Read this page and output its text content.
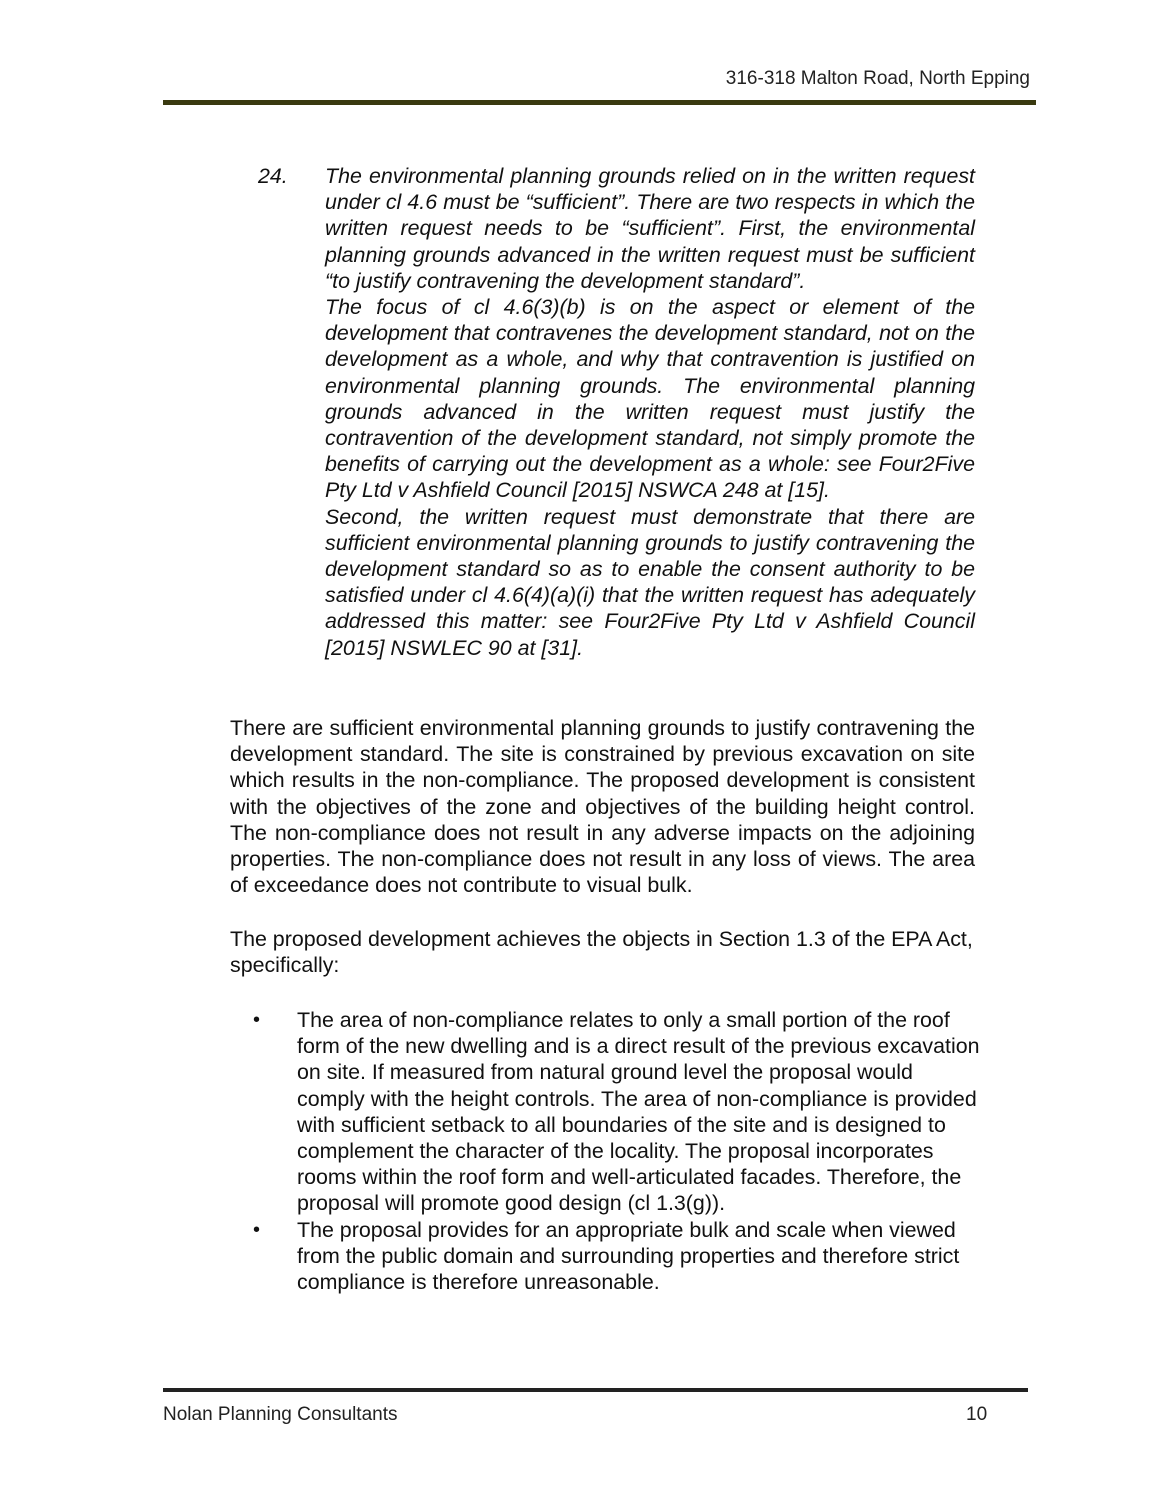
316-318 Malton Road, North Epping
24. The environmental planning grounds relied on in the written request under cl 4.6 must be “sufficient”. There are two respects in which the written request needs to be “sufficient”. First, the environmental planning grounds advanced in the written request must be sufficient “to justify contravening the development standard”.

The focus of cl 4.6(3)(b) is on the aspect or element of the development that contravenes the development standard, not on the development as a whole, and why that contravention is justified on environmental planning grounds. The environmental planning grounds advanced in the written request must justify the contravention of the development standard, not simply promote the benefits of carrying out the development as a whole: see Four2Five Pty Ltd v Ashfield Council [2015] NSWCA 248 at [15].

Second, the written request must demonstrate that there are sufficient environmental planning grounds to justify contravening the development standard so as to enable the consent authority to be satisfied under cl 4.6(4)(a)(i) that the written request has adequately addressed this matter: see Four2Five Pty Ltd v Ashfield Council [2015] NSWLEC 90 at [31].

There are sufficient environmental planning grounds to justify contravening the development standard. The site is constrained by previous excavation on site which results in the non-compliance. The proposed development is consistent with the objectives of the zone and objectives of the building height control. The non-compliance does not result in any adverse impacts on the adjoining properties. The non-compliance does not result in any loss of views. The area of exceedance does not contribute to visual bulk.

The proposed development achieves the objects in Section 1.3 of the EPA Act, specifically:

• The area of non-compliance relates to only a small portion of the roof form of the new dwelling and is a direct result of the previous excavation on site. If measured from natural ground level the proposal would comply with the height controls. The area of non-compliance is provided with sufficient setback to all boundaries of the site and is designed to complement the character of the locality. The proposal incorporates rooms within the roof form and well-articulated facades. Therefore, the proposal will promote good design (cl 1.3(g)).
• The proposal provides for an appropriate bulk and scale when viewed from the public domain and surrounding properties and therefore strict compliance is therefore unreasonable.
Nolan Planning Consultants	10
